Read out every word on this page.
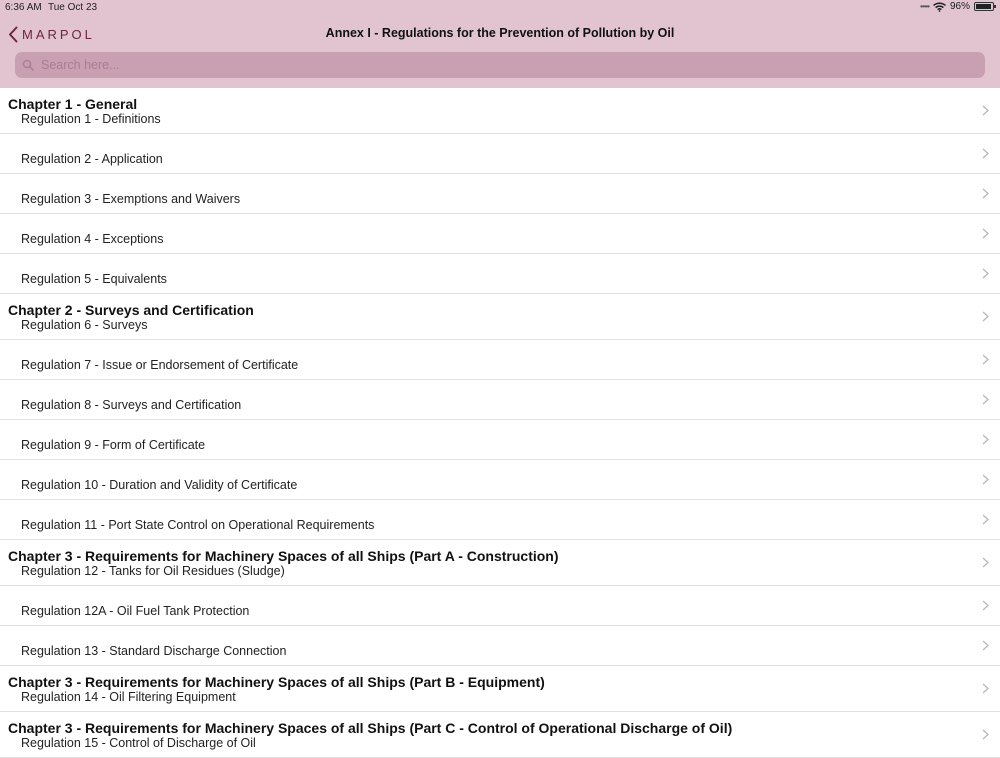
6:36 AM Tue Oct 23	••••• 96%
MARPOL	Annex I - Regulations for the Prevention of Pollution by Oil
Search here...
Chapter 1 - General
Regulation 1 - Definitions
Regulation 2 - Application
Regulation 3 - Exemptions and Waivers
Regulation 4 - Exceptions
Regulation 5 - Equivalents
Chapter 2 - Surveys and Certification
Regulation 6 - Surveys
Regulation 7 - Issue or Endorsement of Certificate
Regulation 8 - Surveys and Certification
Regulation 9 - Form of Certificate
Regulation 10 - Duration and Validity of Certificate
Regulation 11 - Port State Control on Operational Requirements
Chapter 3 - Requirements for Machinery Spaces of all Ships (Part A - Construction)
Regulation 12 - Tanks for Oil Residues (Sludge)
Regulation 12A - Oil Fuel Tank Protection
Regulation 13 - Standard Discharge Connection
Chapter 3 - Requirements for Machinery Spaces of all Ships (Part B - Equipment)
Regulation 14 - Oil Filtering Equipment
Chapter 3 - Requirements for Machinery Spaces of all Ships (Part C - Control of Operational Discharge of Oil)
Regulation 15 - Control of Discharge of Oil
